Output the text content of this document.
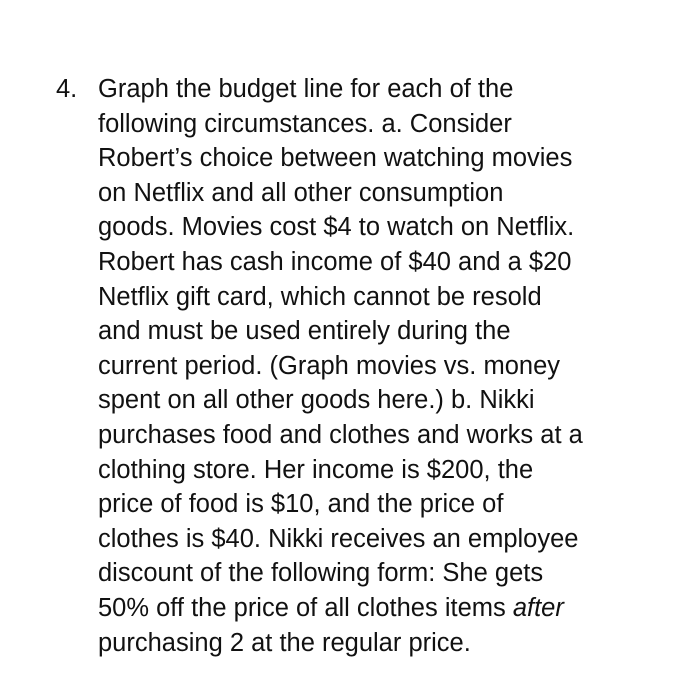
4. Graph the budget line for each of the
following circumstances. a. Consider
Robert’s choice between watching movies
on Netflix and all other consumption
goods. Movies cost $4 to watch on Netflix.
Robert has cash income of $40 and a $20
Netflix gift card, which cannot be resold
and must be used entirely during the
current period. (Graph movies vs. money
spent on all other goods here.) b. Nikki
purchases food and clothes and works at a
clothing store. Her income is $200, the
price of food is $10, and the price of
clothes is $40. Nikki receives an employee
discount of the following form: She gets
50% off the price of all clothes items after
purchasing 2 at the regular price.
